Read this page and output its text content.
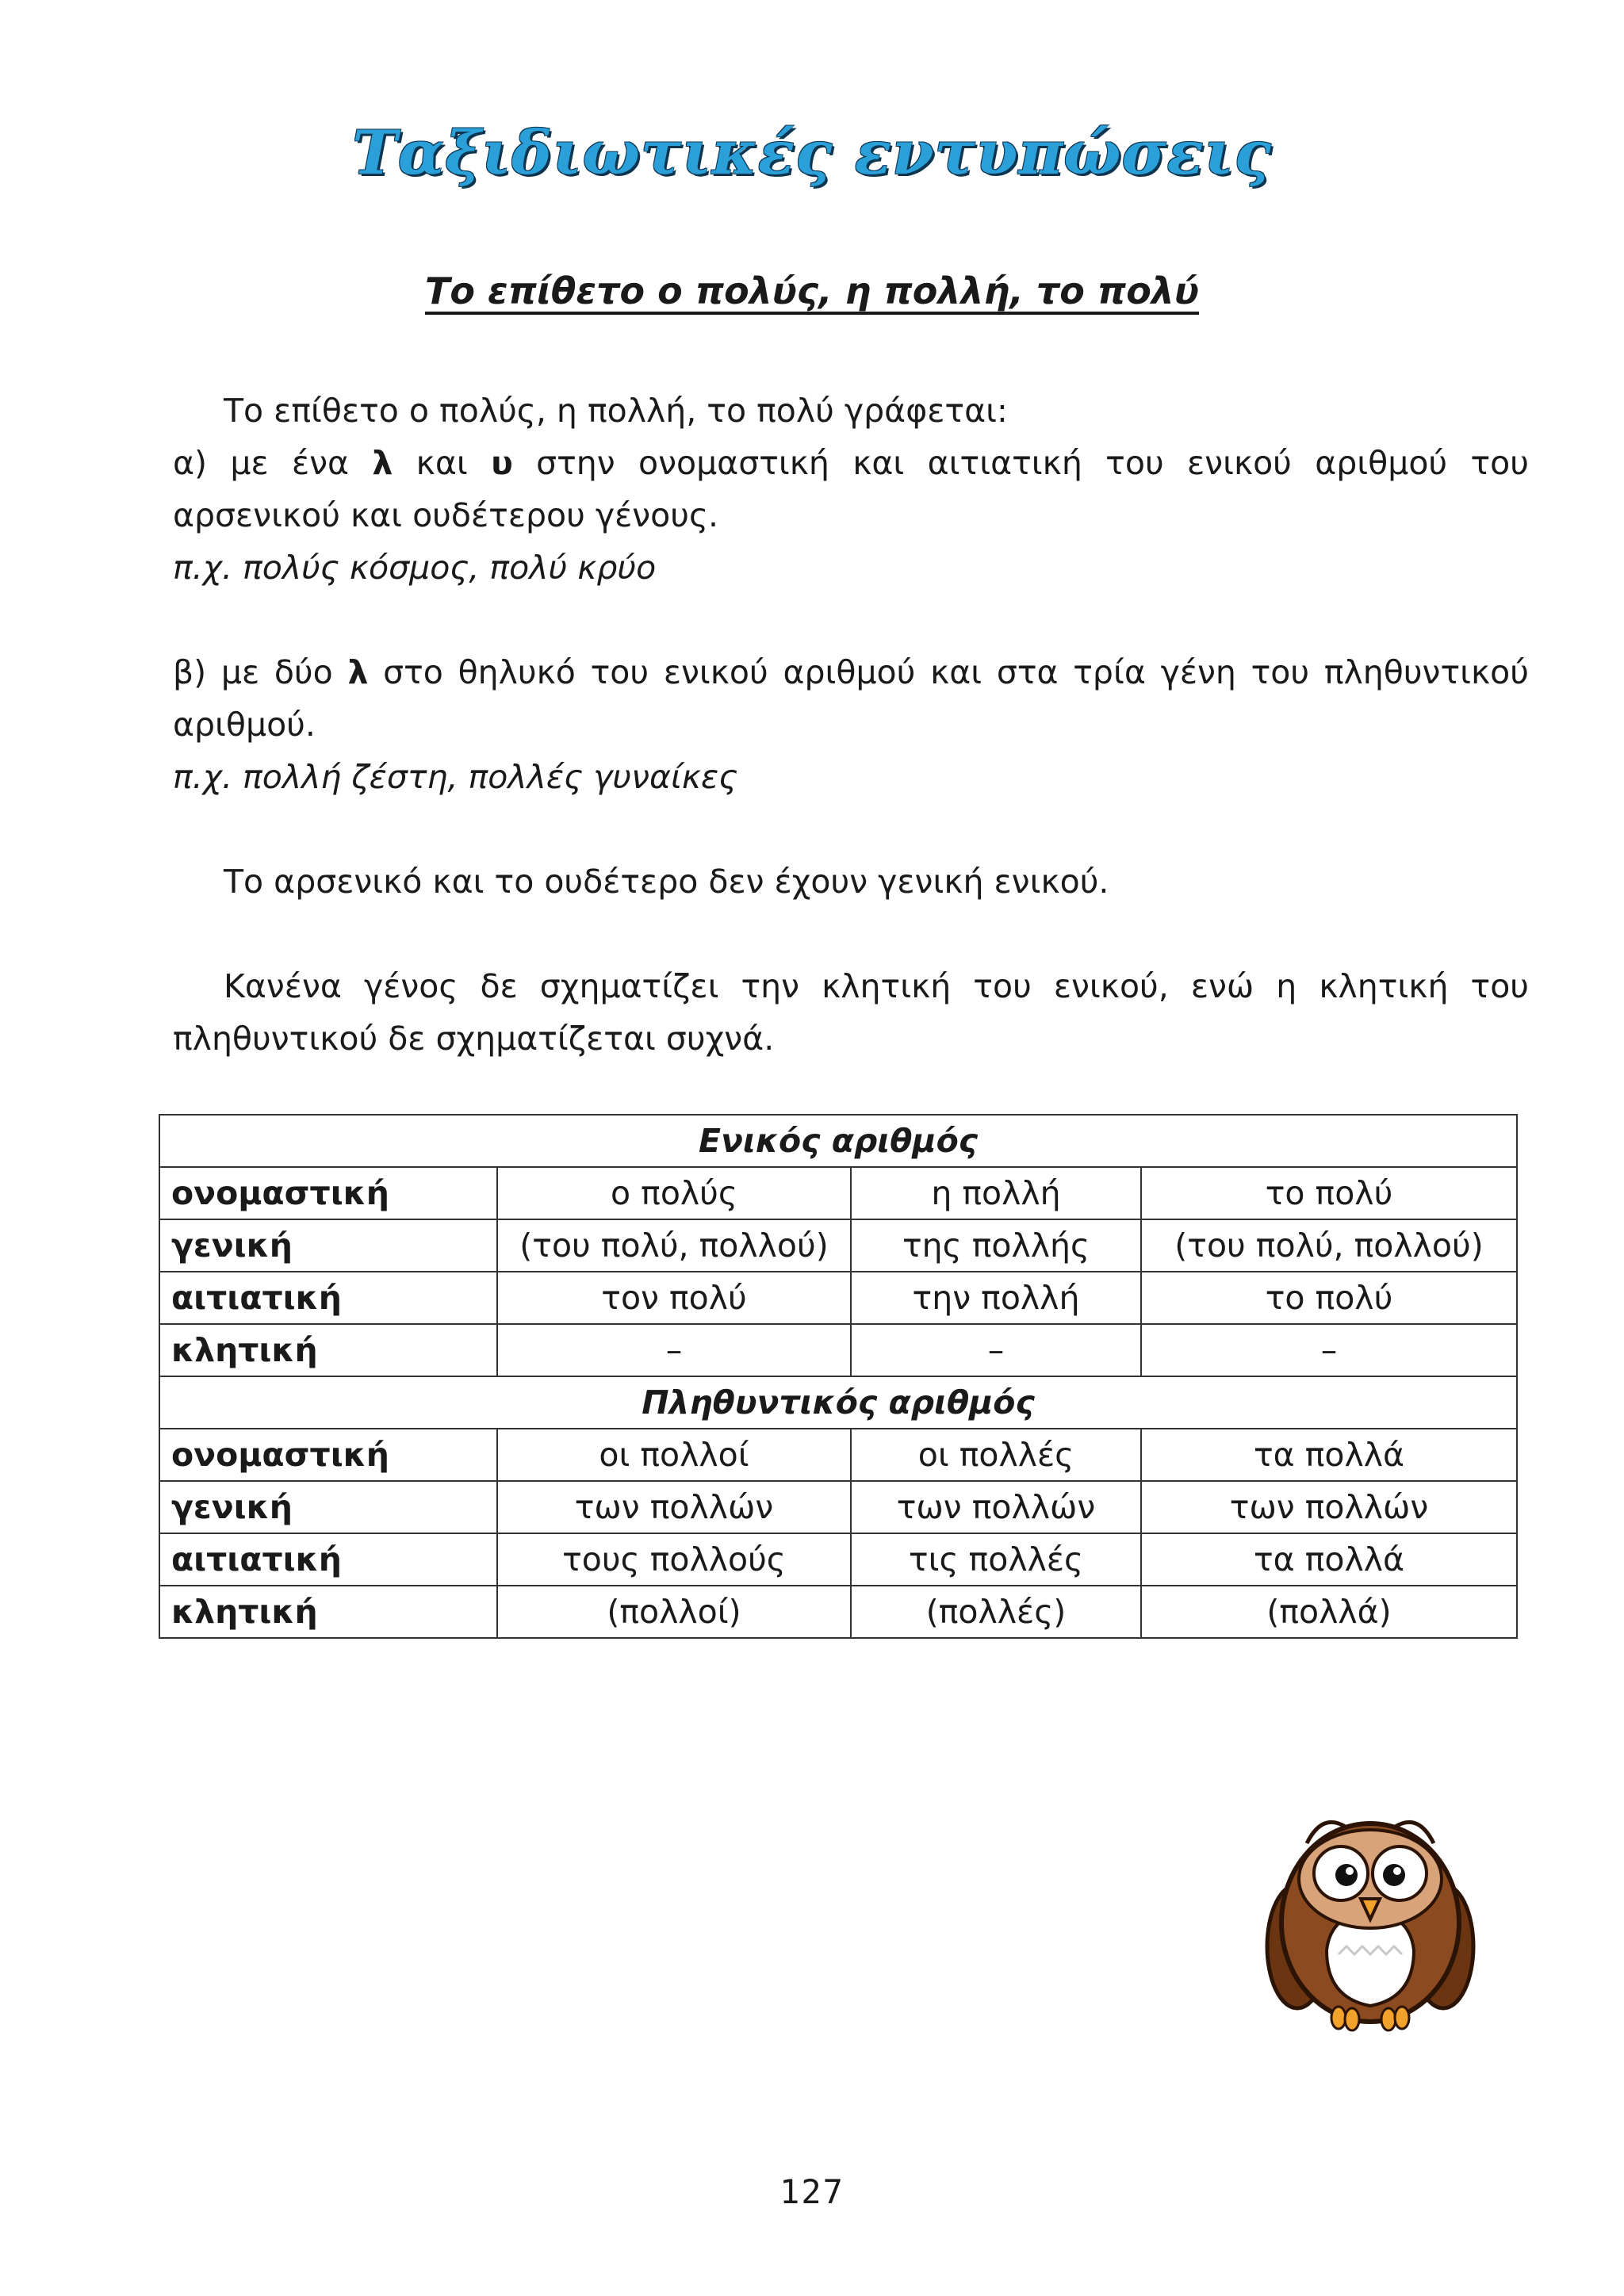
Ταξιδιωτικές εντυπώσεις
Το επίθετο ο πολύς, η πολλή, το πολύ

Το επίθετο ο πολύς, η πολλή, το πολύ γράφεται:

α) με ένα λ και υ στην ονομαστική και αιτιατική του ενικού αριθμού του αρσενικού και ουδέτερου γένους.

π.χ. πολύς κόσμος, πολύ κρύο

β) με δύο λ στο θηλυκό του ενικού αριθμού και στα τρία γένη του πληθυντικού αριθμού.

π.χ. πολλή ζέστη, πολλές γυναίκες

Το αρσενικό και το ουδέτερο δεν έχουν γενική ενικού.

Κανένα γένος δε σχηματίζει την κλητική του ενικού, ενώ η κλητική του πληθυντικού δε σχηματίζεται συχνά.

Ενικός αριθμός			
ονομαστική	ο πολύς	η πολλή	το πολύ
γενική	(του πολύ, πολλού)	της πολλής	(του πολύ, πολλού)
αιτιατική	τον πολύ	την πολλή	το πολύ
κλητική	–	–	–
Πληθυντικός αριθμός			
ονομαστική	οι πολλοί	οι πολλές	τα πολλά
γενική	των πολλών	των πολλών	των πολλών
αιτιατική	τους πολλούς	τις πολλές	τα πολλά
κλητική	(πολλοί)	(πολλές)	(πολλά)
127
